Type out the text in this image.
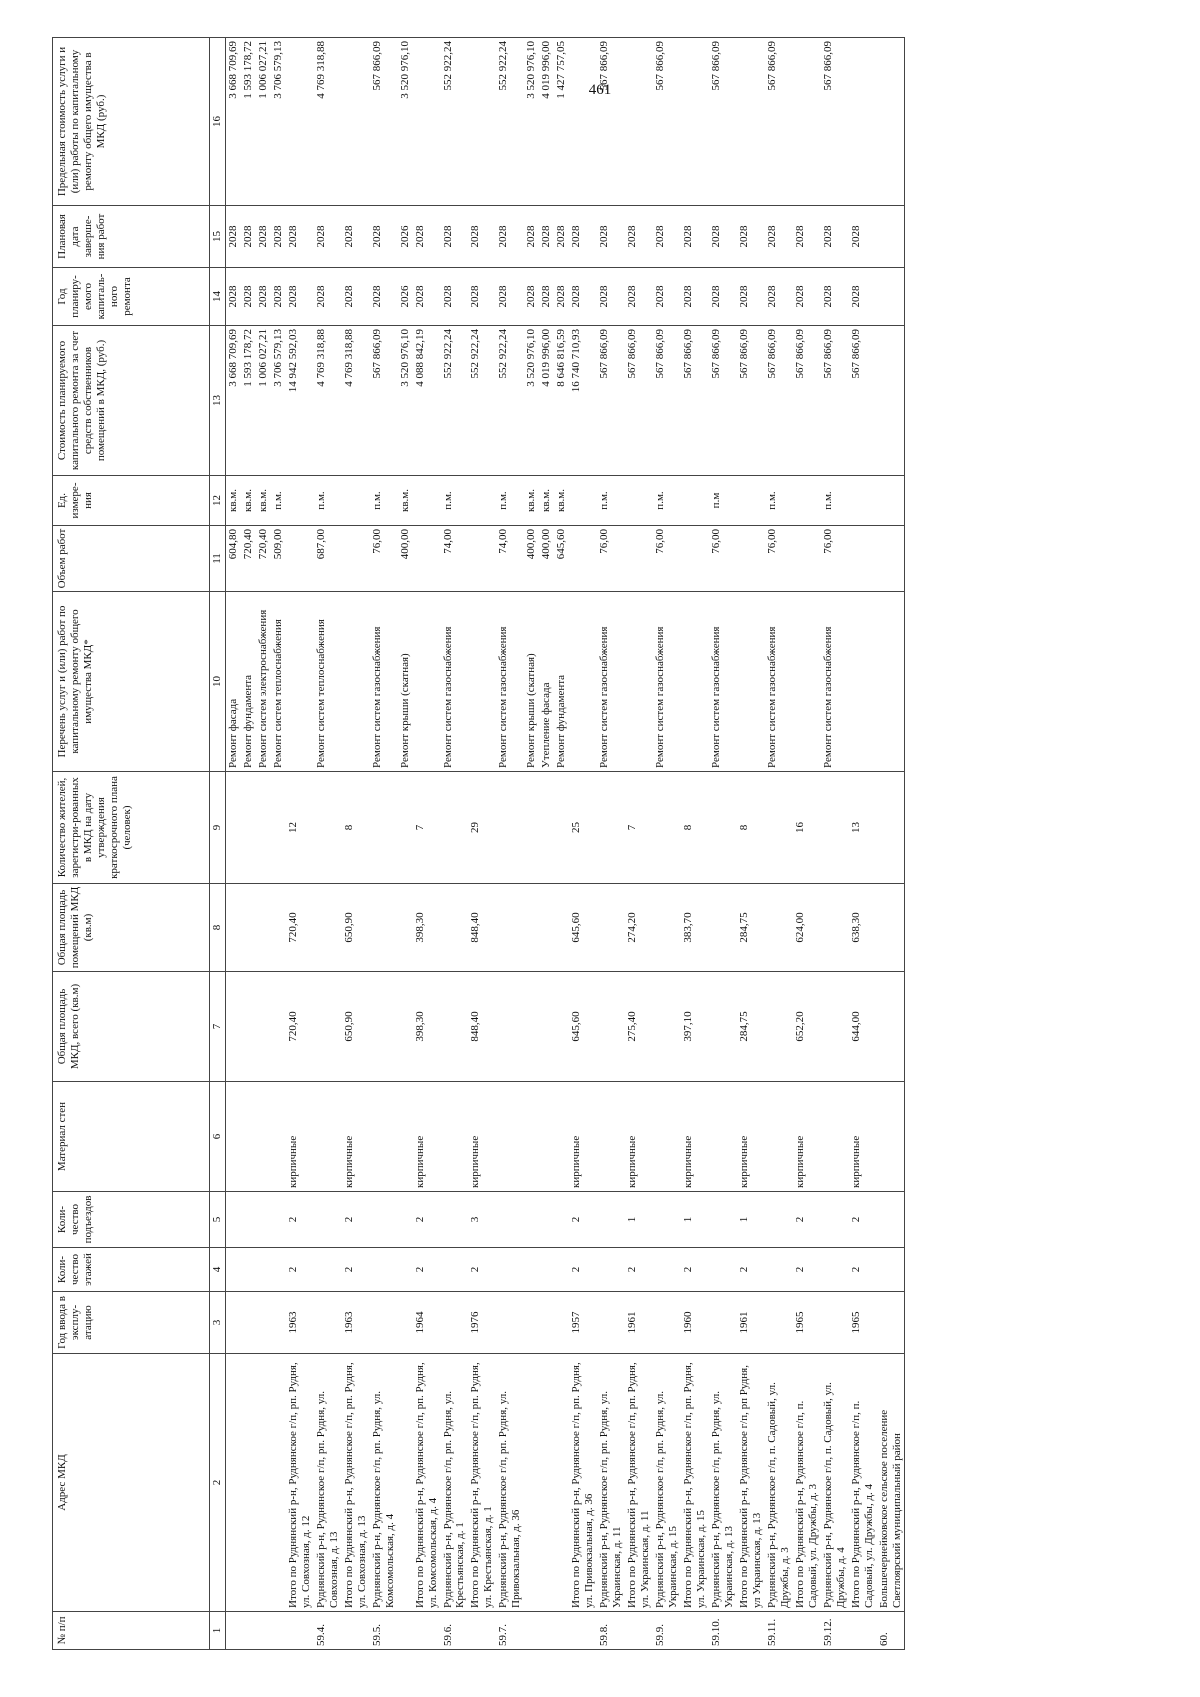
461
№ п/п	Адрес МКД	Год ввода в эксплу-атацию	Коли-чество этажей	Коли-чество подъездов	Материал стен	Общая площадь МКД, всего (кв.м)	Общая площадь помещений МКД (кв.м)	Количество жителей, зарегистри-рованных в МКД на дату утверждения краткосрочного плана (человек)	Перечень услуг и (или) работ по капитальному ремонту общего имущества МКД*	Объем работ	Ед. измере-ния	Стоимость планируемого капитального ремонта за счет средств собственников помещений в МКД, (руб.)	Год планиру-емого капиталь-ного ремонта	Плановая дата заверше-ния работ	Предельная стоимость услуги и (или) работы по капитальному ремонту общего имущества в МКД (руб.)
1	2	3	4	5	6	7	8	9	10	11	12	13	14	15	16
									Ремонт фасада	604,80	кв.м.	3 668 709,69	2028	2028	3 668 709,69
									Ремонт фундамента	720,40	кв.м.	1 593 178,72	2028	2028	1 593 178,72
									Ремонт систем электроснабжения	720,40	кв.м.	1 006 027,21	2028	2028	1 006 027,21
									Ремонт систем теплоснабжения	509,00	п.м.	3 706 579,13	2028	2028	3 706 579,13
	Итого по Руднянский р-н, Руднянское г/п, рп. Рудня, ул. Совхозная, д. 12	1963	2	2	кирпичные	720,40	720,40	12				14 942 592,03	2028	2028	
59.4.	Руднянский р-н, Руднянское г/п, рп. Рудня, ул. Совхозная, д. 13								Ремонт систем теплоснабжения	687,00	п.м.	4 769 318,88	2028	2028	4 769 318,88
	Итого по Руднянский р-н, Руднянское г/п, рп. Рудня, ул. Совхозная, д. 13	1963	2	2	кирпичные	650,90	650,90	8				4 769 318,88	2028	2028	
59.5.	Руднянский р-н, Руднянское г/п, рп. Рудня, ул. Комсомольская, д. 4								Ремонт систем газоснабжения	76,00	п.м.	567 866,09	2028	2028	567 866,09
									Ремонт крыши (скатная)	400,00	кв.м.	3 520 976,10	2026	2026	3 520 976,10
	Итого по Руднянский р-н, Руднянское г/п, рп. Рудня, ул. Комсомольская, д. 4	1964	2	2	кирпичные	398,30	398,30	7				4 088 842,19	2028	2028	
59.6.	Руднянский р-н, Руднянское г/п, рп. Рудня, ул. Крестьянская, д. 1								Ремонт систем газоснабжения	74,00	п.м.	552 922,24	2028	2028	552 922,24
	Итого по Руднянский р-н, Руднянское г/п, рп. Рудня, ул. Крестьянская, д. 1	1976	2	3	кирпичные	848,40	848,40	29				552 922,24	2028	2028	
59.7.	Руднянский р-н, Руднянское г/п, рп. Рудня, ул. Привокзальная, д. 36								Ремонт систем газоснабжения	74,00	п.м.	552 922,24	2028	2028	552 922,24
									Ремонт крыши (скатная)	400,00	кв.м.	3 520 976,10	2028	2028	3 520 976,10
									Утепление фасада	400,00	кв.м.	4 019 996,00	2028	2028	4 019 996,00
									Ремонт фундамента	645,60	кв.м.	8 646 816,59	2028	2028	1 427 757,05
	Итого по Руднянский р-н, Руднянское г/п, рп. Рудня, ул. Привокзальная, д. 36	1957	2	2	кирпичные	645,60	645,60	25				16 740 710,93	2028	2028	
59.8.	Руднянский р-н, Руднянское г/п, рп. Рудня, ул. Украинская, д. 11								Ремонт систем газоснабжения	76,00	п.м.	567 866,09	2028	2028	567 866,09
	Итого по Руднянский р-н, Руднянское г/п, рп. Рудня, ул. Украинская, д. 11	1961	2	1	кирпичные	275,40	274,20	7				567 866,09	2028	2028	
59.9.	Руднянский р-н, Руднянское г/п, рп. Рудня, ул. Украинская, д. 15								Ремонт систем газоснабжения	76,00	п.м.	567 866,09	2028	2028	567 866,09
	Итого по Руднянский р-н, Руднянское г/п, рп. Рудня, ул. Украинская, д. 15	1960	2	1	кирпичные	397,10	383,70	8				567 866,09	2028	2028	
59.10.	Руднянский р-н, Руднянское г/п, рп. Рудня, ул. Украинская, д. 13								Ремонт систем газоснабжения	76,00	п.м	567 866,09	2028	2028	567 866,09
	Итого по Руднянский р-н, Руднянское г/п, рп Рудня, ул Украинская, д. 13	1961	2	1	кирпичные	284,75	284,75	8				567 866,09	2028	2028	
59.11.	Руднянский р-н, Руднянское г/п, п. Садовый, ул. Дружбы, д. 3								Ремонт систем газоснабжения	76,00	п.м.	567 866,09	2028	2028	567 866,09
	Итого по Руднянский р-н, Руднянское г/п, п. Садовый, ул. Дружбы, д. 3	1965	2	2	кирпичные	652,20	624,00	16				567 866,09	2028	2028	
59.12.	Руднянский р-н, Руднянское г/п, п. Садовый, ул. Дружбы, д. 4								Ремонт систем газоснабжения	76,00	п.м.	567 866,09	2028	2028	567 866,09
	Итого по Руднянский р-н, Руднянское г/п, п. Садовый, ул. Дружбы, д. 4	1965	2	2	кирпичные	644,00	638,30	13				567 866,09	2028	2028	
60.	Большечернейковское сельское поселение Светлоярский муниципальный район														
